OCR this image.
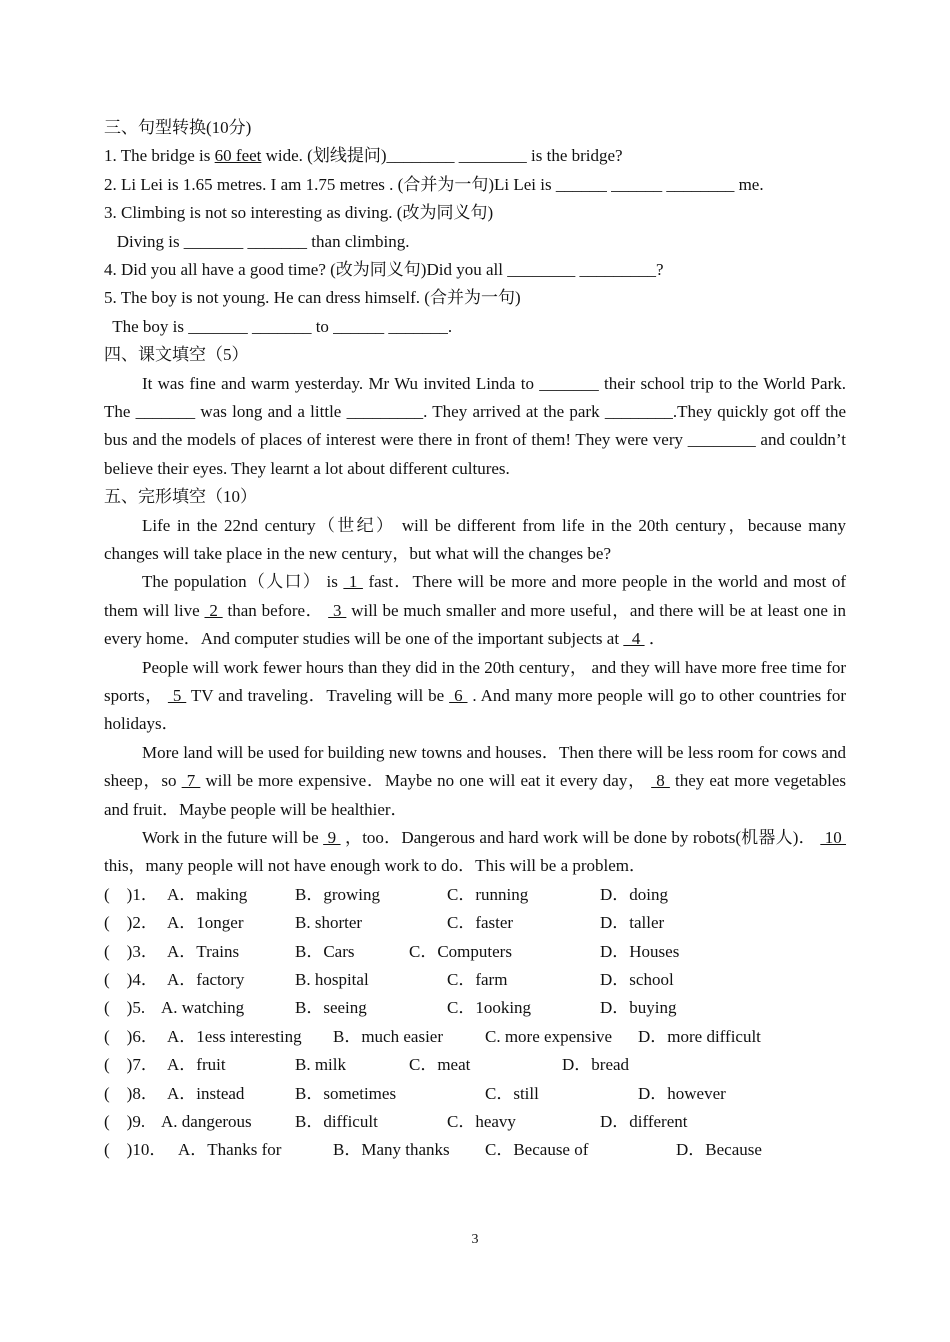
三、句型转换(10分)
1. The bridge is 60 feet wide. (划线提问)________ ________ is the bridge?
2. Li Lei is 1.65 metres. I am 1.75 metres . (合并为一句)Li Lei is ______ ______ ________ me.
3. Climbing is not so interesting as diving. (改为同义句)
Diving is _______ _______ than climbing.
4. Did you all have a good time? (改为同义句)Did you all ________ _________?
5. The boy is not young. He can dress himself. (合并为一句)
The boy is _______ _______ to ______ _______.
四、课文填空（5）
It was fine and warm yesterday. Mr Wu invited Linda to _______ their school trip to the World Park. The _______ was long and a little _________. They arrived at the park ________.They quickly got off the bus and the models of places of interest were there in front of them! They were very ________ and couldn’t believe their eyes. They learnt a lot about different cultures.
五、完形填空（10）
Life in the 22nd century（世纪） will be different from life in the 20th century，because many changes will take place in the new century，but what will the changes be?
The population（人口） is  1  fast．There will be more and more people in the world and most of them will live  2  than before．  3  will be much smaller and more useful，and there will be at least one in every home．And computer studies will be one of the important subjects at   4  ．
People will work fewer hours than they did in the 20th century， and they will have more free time for sports，  5  TV and traveling．Traveling will be  6  . And many more people will go to other countries for holidays．
More land will be used for building new towns and houses．Then there will be less room for cows and sheep，so  7  will be more expensive．Maybe no one will eat it every day，  8  they eat more vegetables and fruit．Maybe people will be healthier．
Work in the future will be  9  ，too．Dangerous and hard work will be done by robots(机器人)．  10  this，many people will not have enough work to do．This will be a problem．
(    )1． A．making	B．growing	C．running	D．doing
(    )2． A．1onger	B. shorter	C．faster	D．taller
(    )3． A．Trains	B．Cars	C．Computers	D．Houses
(    )4． A．factory	B. hospital	C．farm	D．school
(    )5. A. watching	B．seeing	C．1ooking	D．buying
(    )6． A．1ess interesting B．much easier C. more expensive D．more difficult
(    )7． A．fruit	B. milk	C．meat	D．bread
(    )8． A．instead	B．sometimes	C．still	D．however
(    )9. A. dangerous	B．difficult	C．heavy	D．different
(    )10． A．Thanks for	B．Many thanks C．Because of	D．Because
3
